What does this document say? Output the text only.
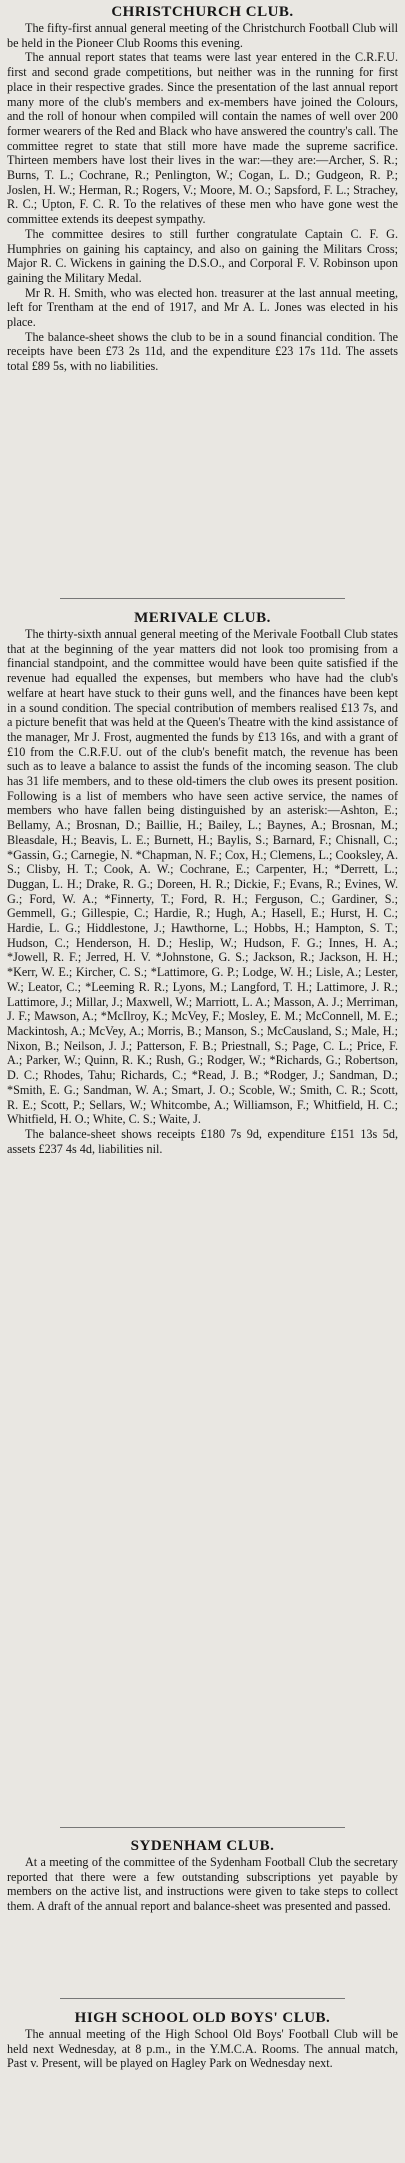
CHRISTCHURCH CLUB.

The fifty-first annual general meeting of the Christchurch Football Club will be held in the Pioneer Club Rooms this evening.

The annual report states that teams were last year entered in the C.R.F.U. first and second grade competitions, but neither was in the running for first place in their respective grades. Since the presentation of the last annual report many more of the club's members and ex-members have joined the Colours, and the roll of honour when compiled will contain the names of well over 200 former wearers of the Red and Black who have answered the country's call. The committee regret to state that still more have made the supreme sacrifice. Thirteen members have lost their lives in the war:—they are:—Archer, S. R.; Burns, T. L.; Cochrane, R.; Penlington, W.; Cogan, L. D.; Gudgeon, R. P.; Joslen, H. W.; Herman, R.; Rogers, V.; Moore, M. O.; Sapsford, F. L.; Strachey, R. C.; Upton, F. C. R. To the relatives of these men who have gone west the committee extends its deepest sympathy.

The committee desires to still further congratulate Captain C. F. G. Humphries on gaining his captaincy, and also on gaining the Militars Cross; Major R. C. Wickens in gaining the D.S.O., and Corporal F. V. Robinson upon gaining the Military Medal.

Mr R. H. Smith, who was elected hon. treasurer at the last annual meeting, left for Trentham at the end of 1917, and Mr A. L. Jones was elected in his place.

The balance-sheet shows the club to be in a sound financial condition. The receipts have been £73 2s 11d, and the expenditure £23 17s 11d. The assets total £89 5s, with no liabilities.

MERIVALE CLUB.

The thirty-sixth annual general meeting of the Merivale Football Club states that at the beginning of the year matters did not look too promising from a financial standpoint, and the committee would have been quite satisfied if the revenue had equalled the expenses, but members who have had the club's welfare at heart have stuck to their guns well, and the finances have been kept in a sound condition. The special contribution of members realised £13 7s, and a picture benefit that was held at the Queen's Theatre with the kind assistance of the manager, Mr J. Frost, augmented the funds by £13 16s, and with a grant of £10 from the C.R.F.U. out of the club's benefit match, the revenue has been such as to leave a balance to assist the funds of the incoming season. The club has 31 life members, and to these old-timers the club owes its present position. Following is a list of members who have seen active service, the names of members who have fallen being distinguished by an asterisk:—Ashton, E.; Bellamy, A.; Brosnan, D.; Baillie, H.; Bailey, L.; Baynes, A.; Brosnan, M.; Bleasdale, H.; Beavis, L. E.; Burnett, H.; Baylis, S.; Barnard, F.; Chisnall, C.; *Gassin, G.; Carnegie, N. *Chapman, N. F.; Cox, H.; Clemens, L.; Cooksley, A. S.; Clisby, H. T.; Cook, A. W.; Cochrane, E.; Carpenter, H.; *Derrett, L.; Duggan, L. H.; Drake, R. G.; Doreen, H. R.; Dickie, F.; Evans, R.; Evines, W. G.; Ford, W. A.; *Finnerty, T.; Ford, R. H.; Ferguson, C.; Gardiner, S.; Gemmell, G.; Gillespie, C.; Hardie, R.; Hugh, A.; Hasell, E.; Hurst, H. C.; Hardie, L. G.; Hiddlestone, J.; Hawthorne, L.; Hobbs, H.; Hampton, S. T.; Hudson, C.; Henderson, H. D.; Heslip, W.; Hudson, F. G.; Innes, H. A.; *Jowell, R. F.; Jerred, H. V. *Johnstone, G. S.; Jackson, R.; Jackson, H. H.; *Kerr, W. E.; Kircher, C. S.; *Lattimore, G. P.; Lodge, W. H.; Lisle, A.; Lester, W.; Leator, C.; *Leeming R. R.; Lyons, M.; Langford, T. H.; Lattimore, J. R.; Lattimore, J.; Millar, J.; Maxwell, W.; Marriott, L. A.; Masson, A. J.; Merriman, J. F.; Mawson, A.; *McIlroy, K.; McVey, F.; Mosley, E. M.; McConnell, M. E.; Mackintosh, A.; McVey, A.; Morris, B.; Manson, S.; McCausland, S.; Male, H.; Nixon, B.; Neilson, J. J.; Patterson, F. B.; Priestnall, S.; Page, C. L.; Price, F. A.; Parker, W.; Quinn, R. K.; Rush, G.; Rodger, W.; *Richards, G.; Robertson, D. C.; Rhodes, Tahu; Richards, C.; *Read, J. B.; *Rodger, J.; Sandman, D.; *Smith, E. G.; Sandman, W. A.; Smart, J. O.; Scoble, W.; Smith, C. R.; Scott, R. E.; Scott, P.; Sellars, W.; Whitcombe, A.; Williamson, F.; Whitfield, H. C.; Whitfield, H. O.; White, C. S.; Waite, J.

The balance-sheet shows receipts £180 7s 9d, expenditure £151 13s 5d, assets £237 4s 4d, liabilities nil.

SYDENHAM CLUB.

At a meeting of the committee of the Sydenham Football Club the secretary reported that there were a few outstanding subscriptions yet payable by members on the active list, and instructions were given to take steps to collect them. A draft of the annual report and balance-sheet was presented and passed.

HIGH SCHOOL OLD BOYS' CLUB.

The annual meeting of the High School Old Boys' Football Club will be held next Wednesday, at 8 p.m., in the Y.M.C.A. Rooms. The annual match, Past v. Present, will be played on Hagley Park on Wednesday next.
